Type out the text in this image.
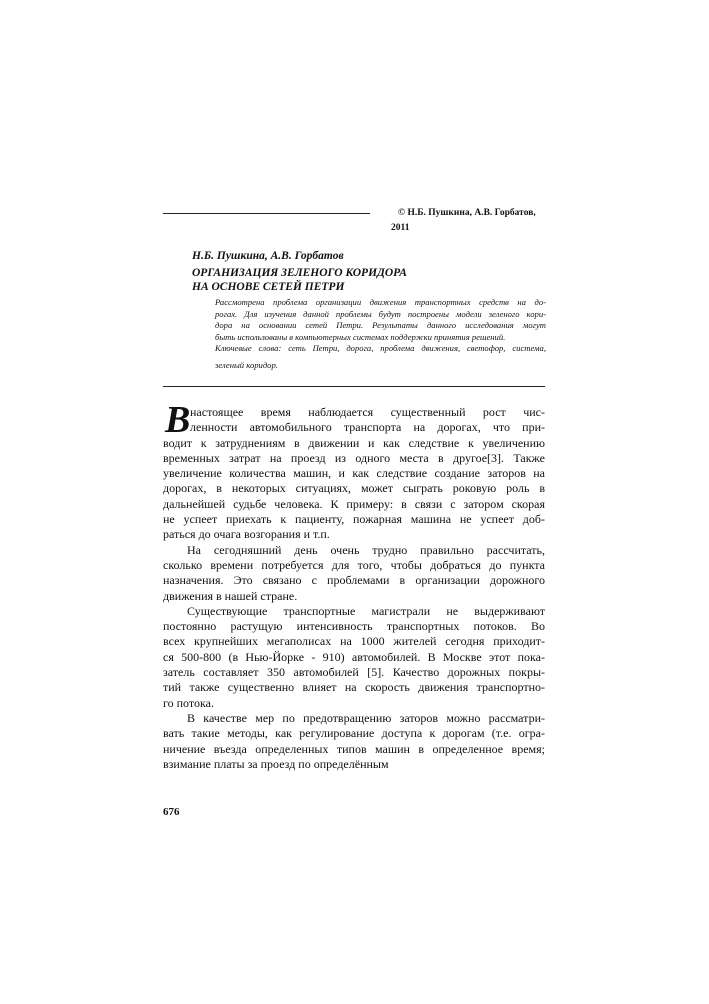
© Н.Б. Пушкина, А.В. Горбатов,
2011
Н.Б. Пушкина, А.В. Горбатов
ОРГАНИЗАЦИЯ ЗЕЛЕНОГО КОРИДОРА
НА ОСНОВЕ СЕТЕЙ ПЕТРИ
Рассмотрена проблема организации движения транспортных средств на до-
рогах. Для изучения данной проблемы будут построены модели зеленого кори-
дора на основании сетей Петри. Результаты данного исследования могут
быть использованы в компьютерных системах поддержки принятия решений.
Ключевые слова: сеть Петри, дорога, проблема движения, светофор, система,
зеленый коридор.
В настоящее время наблюдается существенный рост чис-
ленности автомобильного транспорта на дорогах, что при-
водит к затруднениям в движении и как следствие к увеличению
временных затрат на проезд из одного места в другое[3]. Также
увеличение количества машин, и как следствие создание заторов на
дорогах, в некоторых ситуациях, может сыграть роковую роль в
дальнейшей судьбе человека. К примеру: в связи с затором скорая
не успеет приехать к пациенту, пожарная машина не успеет доб-
раться до очага возгорания и т.п.
На сегодняшний день очень трудно правильно рассчитать,
сколько времени потребуется для того, чтобы добраться до пункта
назначения. Это связано с проблемами в организации дорожного
движения в нашей стране.
Существующие транспортные магистрали не выдерживают
постоянно растущую интенсивность транспортных потоков. Во
всех крупнейших мегаполисах на 1000 жителей сегодня приходит-
ся 500-800 (в Нью-Йорке - 910) автомобилей. В Москве этот пока-
затель составляет 350 автомобилей [5]. Качество дорожных покры-
тий также существенно влияет на скорость движения транспортно-
го потока.
В качестве мер по предотвращению заторов можно рассматри-
вать такие методы, как регулирование доступа к дорогам (т.е. огра-
ничение въезда определенных типов машин в определенное время;
взимание платы за проезд по определённым
676
